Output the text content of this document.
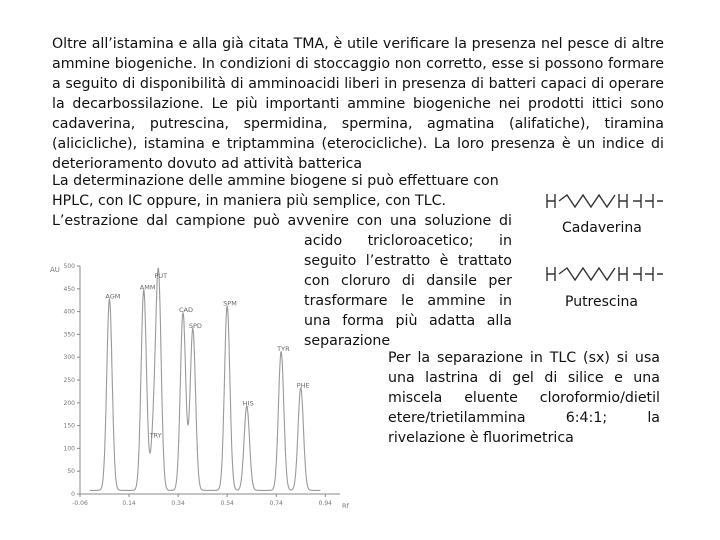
Oltre all’istamina e alla già citata TMA, è utile verificare la presenza nel pesce di altre ammine biogeniche. In condizioni di stoccaggio non corretto, esse si possono formare a seguito di disponibilità di amminoacidi liberi in presenza di batteri capaci di operare la decarbossilazione. Le più importanti ammine biogeniche nei prodotti ittici sono cadaverina, putrescina, spermidina, spermina, agmatina (alifatiche), tiramina (alicicliche), istamina e triptammina (eterocicliche). La loro presenza è un indice di deterioramento dovuto ad attività batterica

La determinazione delle ammine biogene si può effettuare con
HPLC, con IC oppure, in maniera più semplice, con TLC.
L’estrazione dal campione può avvenire con una soluzione di

acido tricloroacetico; in seguito l’estratto è trattato con cloruro di dansile per trasformare le ammine in una forma più adatta alla separazione

Per la separazione in TLC (sx) si usa una lastrina di gel di silice e una miscela eluente cloroformio/dietil etere/trietilammina 6:4:1; la rivelazione è fluorimetrica

Cadaverina
Putrescina
AU
Rf
500
450
400
350
300
250
200
150
100
50
0
-0.06	0.14	0.34	0.54	0.74	0.94
AGM
AMM
PUT
CAD
SPD
SPM
TRY
HIS
TYR
PHE
